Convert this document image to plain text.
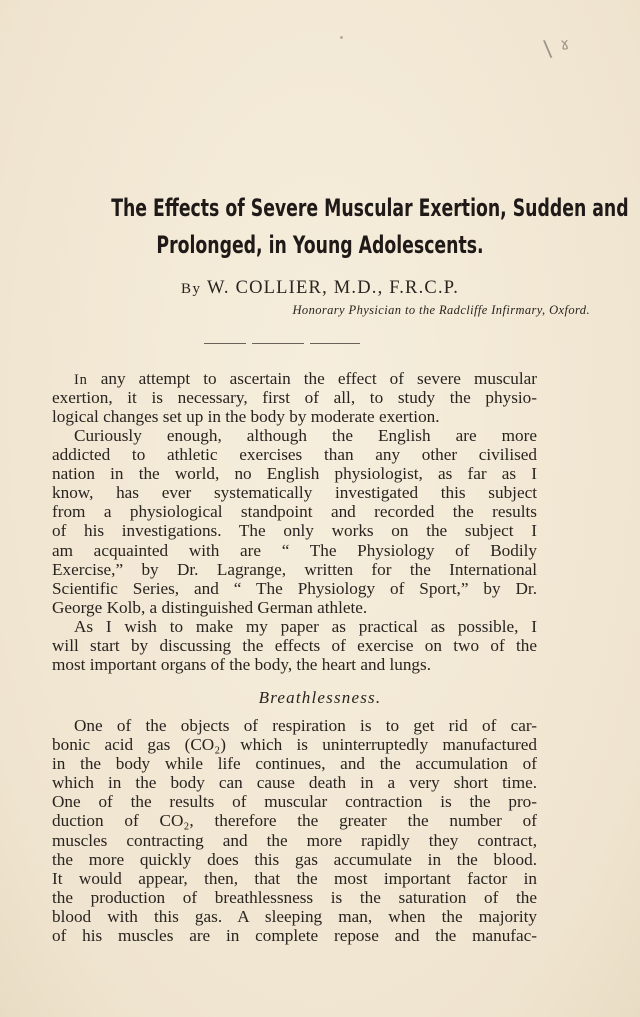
\ ˠ
The Effects of Severe Muscular Exertion, Sudden and
Prolonged, in Young Adolescents.
By W. COLLIER, M.D., F.R.C.P.
Honorary Physician to the Radcliffe Infirmary, Oxford.
In any attempt to ascertain the effect of severe muscular
exertion, it is necessary, first of all, to study the physio-
logical changes set up in the body by moderate exertion.
Curiously enough, although the English are more
addicted to athletic exercises than any other civilised
nation in the world, no English physiologist, as far as I
know, has ever systematically investigated this subject
from a physiological standpoint and recorded the results
of his investigations. The only works on the subject I
am acquainted with are “ The Physiology of Bodily
Exercise,” by Dr. Lagrange, written for the International
Scientific Series, and “ The Physiology of Sport,” by Dr.
George Kolb, a distinguished German athlete.
As I wish to make my paper as practical as possible, I
will start by discussing the effects of exercise on two of the
most important organs of the body, the heart and lungs.
Breathlessness.
One of the objects of respiration is to get rid of car-
bonic acid gas (CO₂) which is uninterruptedly manufactured
in the body while life continues, and the accumulation of
which in the body can cause death in a very short time.
One of the results of muscular contraction is the pro-
duction of CO₂, therefore the greater the number of
muscles contracting and the more rapidly they contract,
the more quickly does this gas accumulate in the blood.
It would appear, then, that the most important factor in
the production of breathlessness is the saturation of the
blood with this gas. A sleeping man, when the majority
of his muscles are in complete repose and the manufac-
